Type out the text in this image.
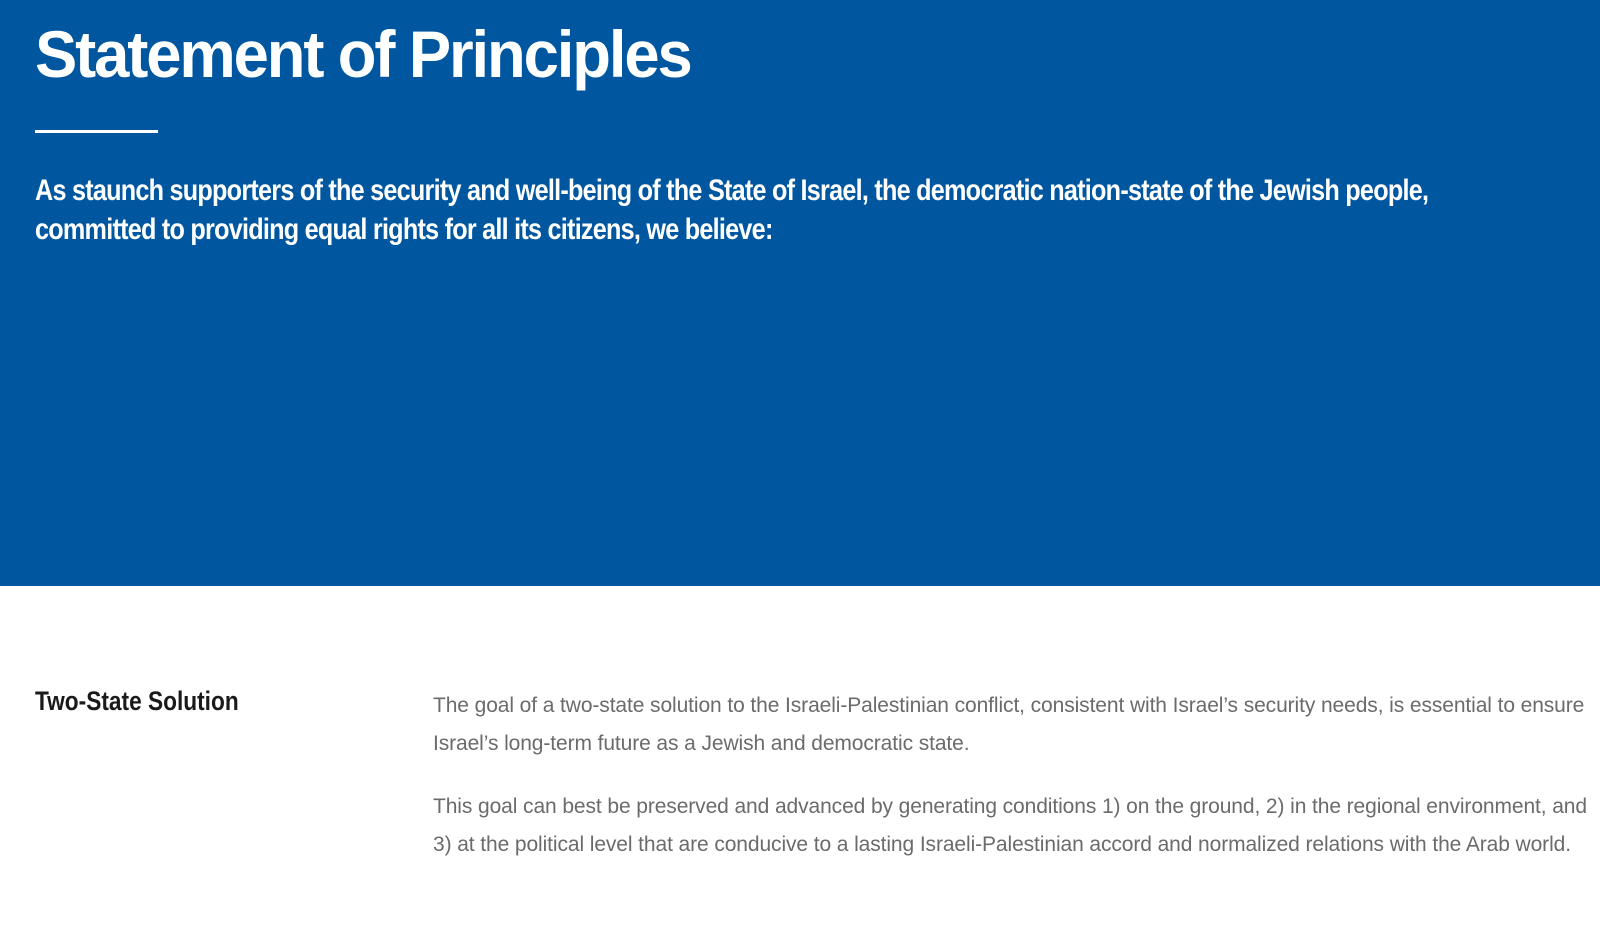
Statement of Principles

As staunch supporters of the security and well-being of the State of Israel, the democratic nation-state of the Jewish people, committed to providing equal rights for all its citizens, we believe:

Two-State Solution	The goal of a two-state solution to the Israeli-Palestinian conflict, consistent with Israel’s security needs, is essential to ensure Israel’s long-term future as a Jewish and democratic state.

This goal can best be preserved and advanced by generating conditions 1) on the ground, 2) in the regional environment, and 3) at the political level that are conducive to a lasting Israeli-Palestinian accord and normalized relations with the Arab world.
